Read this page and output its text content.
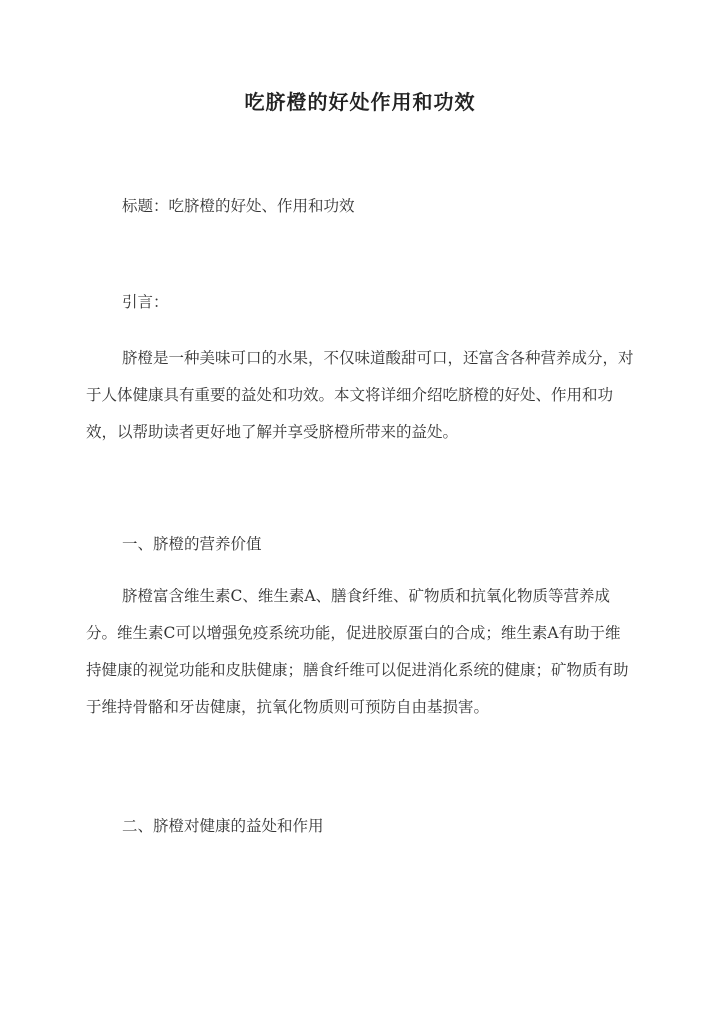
吃脐橙的好处作用和功效

标题：吃脐橙的好处、作用和功效

引言：

脐橙是一种美味可口的水果，不仅味道酸甜可口，还富含各种营养成分，对于人体健康具有重要的益处和功效。本文将详细介绍吃脐橙的好处、作用和功效，以帮助读者更好地了解并享受脐橙所带来的益处。

一、脐橙的营养价值

脐橙富含维生素C、维生素A、膳食纤维、矿物质和抗氧化物质等营养成分。维生素C可以增强免疫系统功能，促进胶原蛋白的合成；维生素A有助于维持健康的视觉功能和皮肤健康；膳食纤维可以促进消化系统的健康；矿物质有助于维持骨骼和牙齿健康，抗氧化物质则可预防自由基损害。

二、脐橙对健康的益处和作用
